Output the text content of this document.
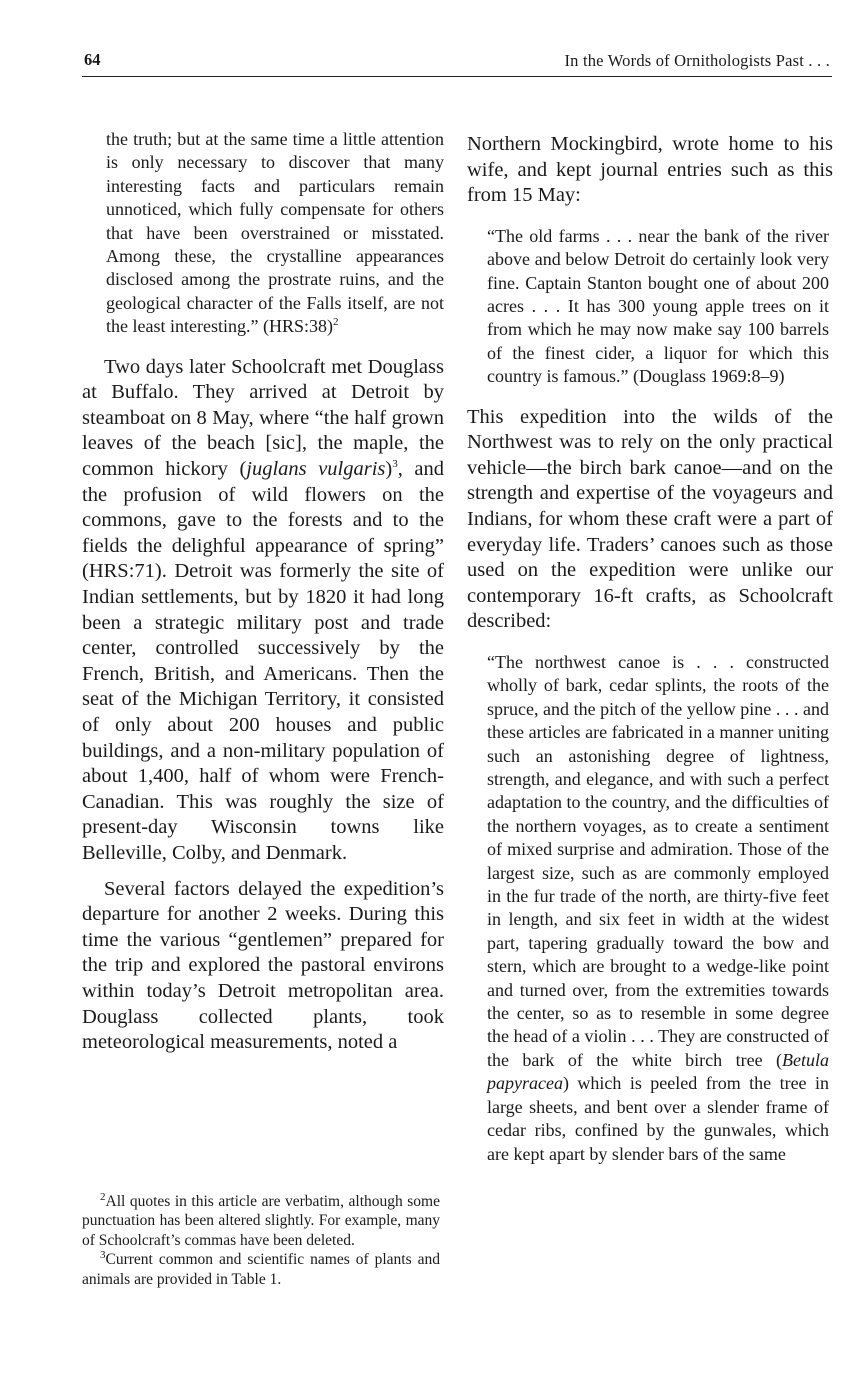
64	In the Words of Ornithologists Past . . .

the truth; but at the same time a little attention is only necessary to discover that many interesting facts and particulars remain unnoticed, which fully compensate for others that have been overstrained or misstated. Among these, the crystalline appearances disclosed among the prostrate ruins, and the geological character of the Falls itself, are not the least interesting.” (HRS:38)$^2$

Two days later Schoolcraft met Douglass at Buffalo. They arrived at Detroit by steamboat on 8 May, where “the half grown leaves of the beach [sic], the maple, the common hickory (juglans vulgaris)$^3$, and the profusion of wild flowers on the commons, gave to the forests and to the fields the delighful appearance of spring” (HRS:71). Detroit was formerly the site of Indian settlements, but by 1820 it had long been a strategic military post and trade center, controlled successively by the French, British, and Americans. Then the seat of the Michigan Territory, it consisted of only about 200 houses and public buildings, and a non-military population of about 1,400, half of whom were French-Canadian. This was roughly the size of present-day Wisconsin towns like Belleville, Colby, and Denmark.

Several factors delayed the expedition’s departure for another 2 weeks. During this time the various “gentlemen” prepared for the trip and explored the pastoral environs within today’s Detroit metropolitan area. Douglass collected plants, took meteorological measurements, noted a

$^2$All quotes in this article are verbatim, although some punctuation has been altered slightly. For example, many of Schoolcraft’s commas have been deleted.

$^3$Current common and scientific names of plants and animals are provided in Table 1.

Northern Mockingbird, wrote home to his wife, and kept journal entries such as this from 15 May:

“The old farms . . . near the bank of the river above and below Detroit do certainly look very fine. Captain Stanton bought one of about 200 acres . . . It has 300 young apple trees on it from which he may now make say 100 barrels of the finest cider, a liquor for which this country is famous.” (Douglass 1969:8–9)

This expedition into the wilds of the Northwest was to rely on the only practical vehicle—the birch bark canoe—and on the strength and expertise of the voyageurs and Indians, for whom these craft were a part of everyday life. Traders’ canoes such as those used on the expedition were unlike our contemporary 16-ft crafts, as Schoolcraft described:

“The northwest canoe is . . . constructed wholly of bark, cedar splints, the roots of the spruce, and the pitch of the yellow pine . . . and these articles are fabricated in a manner uniting such an astonishing degree of lightness, strength, and elegance, and with such a perfect adaptation to the country, and the difficulties of the northern voyages, as to create a sentiment of mixed surprise and admiration. Those of the largest size, such as are commonly employed in the fur trade of the north, are thirty-five feet in length, and six feet in width at the widest part, tapering gradually toward the bow and stern, which are brought to a wedge-like point and turned over, from the extremities towards the center, so as to resemble in some degree the head of a violin . . . They are constructed of the bark of the white birch tree (Betula papyracea) which is peeled from the tree in large sheets, and bent over a slender frame of cedar ribs, confined by the gunwales, which are kept apart by slender bars of the same
